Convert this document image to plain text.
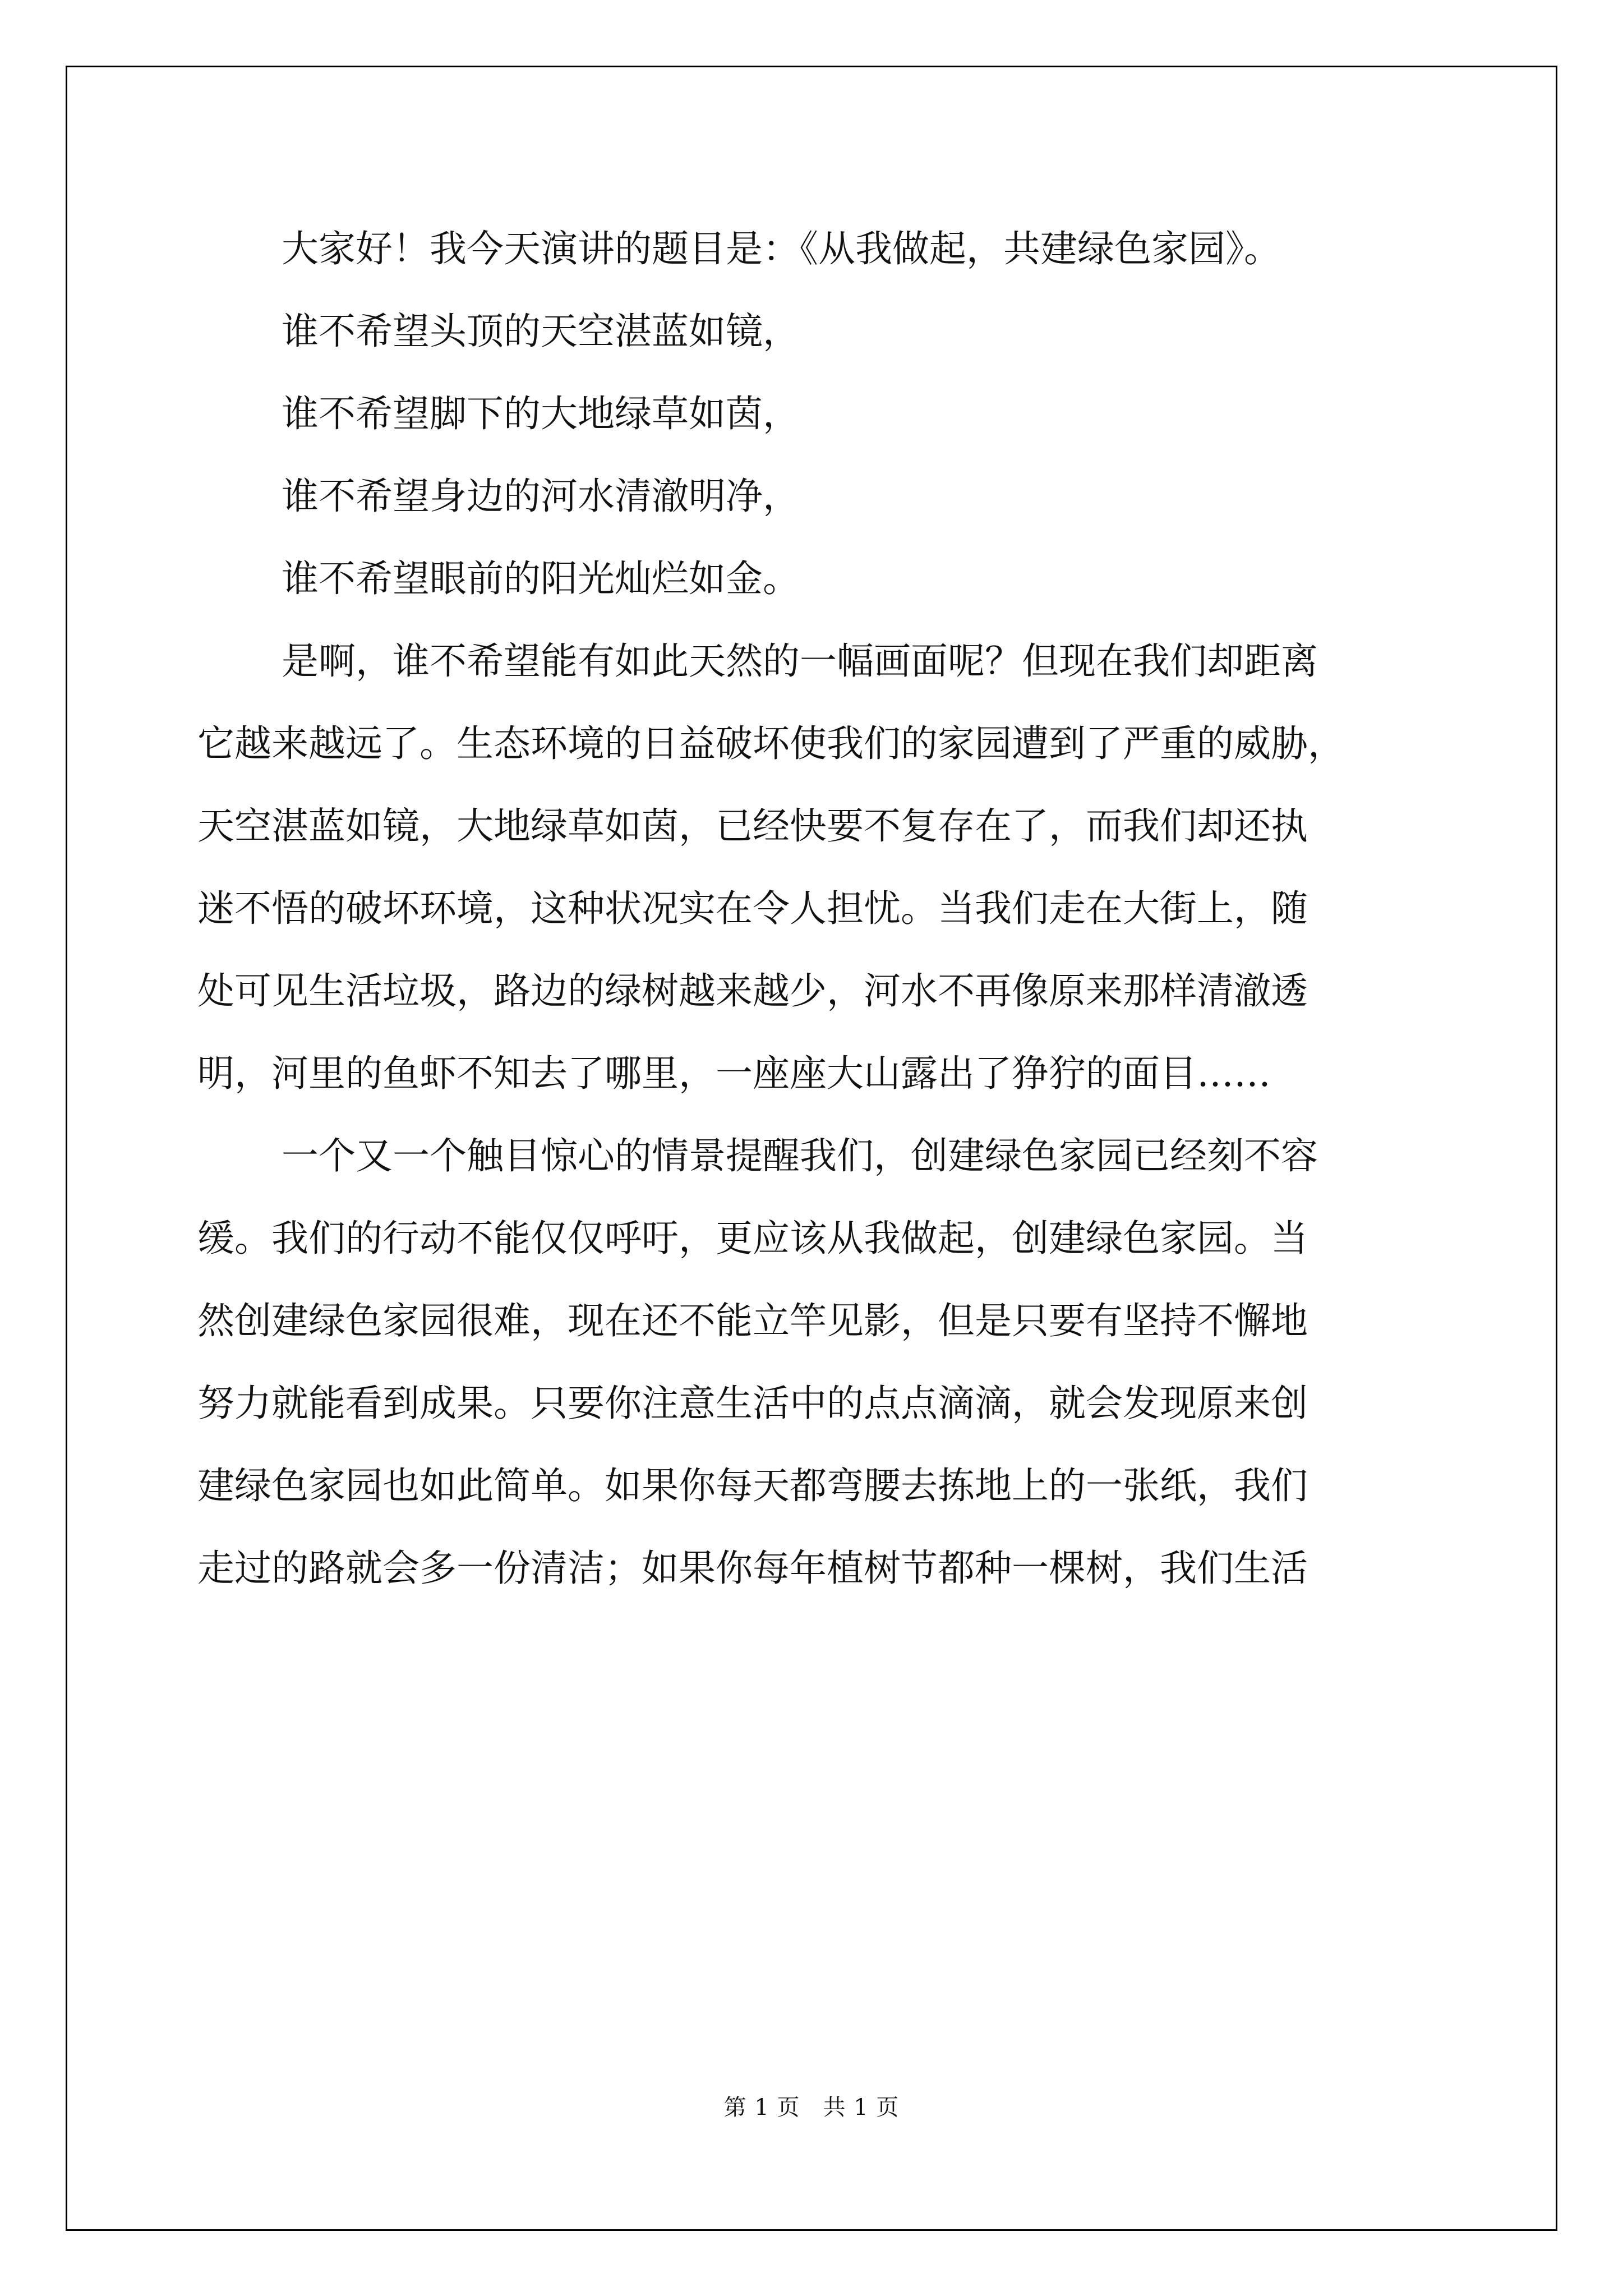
大家好！我今天演讲的题目是：《从我做起，共建绿色家园》。

谁不希望头顶的天空湛蓝如镜，

谁不希望脚下的大地绿草如茵，

谁不希望身边的河水清澈明净，

谁不希望眼前的阳光灿烂如金。

是啊，谁不希望能有如此天然的一幅画面呢？但现在我们却距离

它越来越远了。生态环境的日益破坏使我们的家园遭到了严重的威胁，

天空湛蓝如镜，大地绿草如茵，已经快要不复存在了，而我们却还执

迷不悟的破坏环境，这种状况实在令人担忧。当我们走在大街上，随

处可见生活垃圾，路边的绿树越来越少，河水不再像原来那样清澈透

明，河里的鱼虾不知去了哪里，一座座大山露出了狰狞的面目……

一个又一个触目惊心的情景提醒我们，创建绿色家园已经刻不容

缓。我们的行动不能仅仅呼吁，更应该从我做起，创建绿色家园。当

然创建绿色家园很难，现在还不能立竿见影，但是只要有坚持不懈地

努力就能看到成果。只要你注意生活中的点点滴滴，就会发现原来创

建绿色家园也如此简单。如果你每天都弯腰去拣地上的一张纸，我们

走过的路就会多一份清洁；如果你每年植树节都种一棵树，我们生活

第 1 页　共 1 页
